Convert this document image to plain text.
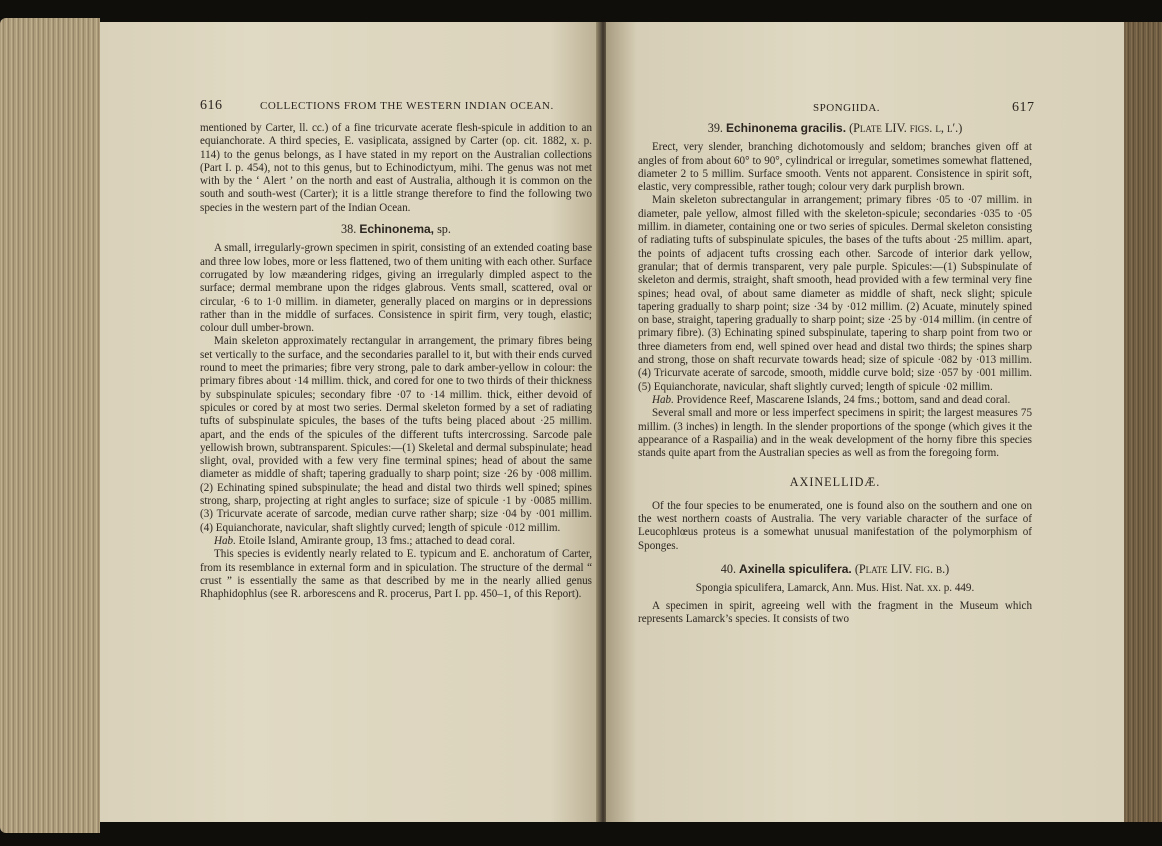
616	COLLECTIONS FROM THE WESTERN INDIAN OCEAN.

mentioned by Carter, ll. cc.) of a fine tricurvate acerate flesh-spicule in addition to an equianchorate. A third species, E. vasiplicata, assigned by Carter (op. cit. 1882, x. p. 114) to the genus belongs, as I have stated in my report on the Australian collections (Part I. p. 454), not to this genus, but to Echinodictyum, mihi. The genus was not met with by the ‘ Alert ’ on the north and east of Australia, although it is common on the south and south-west (Carter); it is a little strange therefore to find the following two species in the western part of the Indian Ocean.

38. Echinonema, sp.

A small, irregularly-grown specimen in spirit, consisting of an extended coating base and three low lobes, more or less flattened, two of them uniting with each other. Surface corrugated by low mæandering ridges, giving an irregularly dimpled aspect to the surface; dermal membrane upon the ridges glabrous. Vents small, scattered, oval or circular, ·6 to 1·0 millim. in diameter, generally placed on margins or in depressions rather than in the middle of surfaces. Consistence in spirit firm, very tough, elastic; colour dull umber-brown.

Main skeleton approximately rectangular in arrangement, the primary fibres being set vertically to the surface, and the secondaries parallel to it, but with their ends curved round to meet the primaries; fibre very strong, pale to dark amber-yellow in colour: the primary fibres about ·14 millim. thick, and cored for one to two thirds of their thickness by subspinulate spicules; secondary fibre ·07 to ·14 millim. thick, either devoid of spicules or cored by at most two series. Dermal skeleton formed by a set of radiating tufts of subspinulate spicules, the bases of the tufts being placed about ·25 millim. apart, and the ends of the spicules of the different tufts intercrossing. Sarcode pale yellowish brown, subtransparent. Spicules:—(1) Skeletal and dermal subspinulate; head slight, oval, provided with a few very fine terminal spines; head of about the same diameter as middle of shaft; tapering gradually to sharp point; size ·26 by ·008 millim. (2) Echinating spined subspinulate; the head and distal two thirds well spined; spines strong, sharp, projecting at right angles to surface; size of spicule ·1 by ·0085 millim. (3) Tricurvate acerate of sarcode, median curve rather sharp; size ·04 by ·001 millim. (4) Equianchorate, navicular, shaft slightly curved; length of spicule ·012 millim.

Hab. Etoile Island, Amirante group, 13 fms.; attached to dead coral.

This species is evidently nearly related to E. typicum and E. anchoratum of Carter, from its resemblance in external form and in spiculation. The structure of the dermal “ crust ” is essentially the same as that described by me in the nearly allied genus Rhaphidophlus (see R. arborescens and R. procerus, Part I. pp. 450–1, of this Report).

SPONGIIDA.	617
39. Echinonema gracilis. (Plate LIV. figs. l, l′.)

Erect, very slender, branching dichotomously and seldom; branches given off at angles of from about 60° to 90°, cylindrical or irregular, sometimes somewhat flattened, diameter 2 to 5 millim. Surface smooth. Vents not apparent. Consistence in spirit soft, elastic, very compressible, rather tough; colour very dark purplish brown.

Main skeleton subrectangular in arrangement; primary fibres ·05 to ·07 millim. in diameter, pale yellow, almost filled with the skeleton-spicule; secondaries ·035 to ·05 millim. in diameter, containing one or two series of spicules. Dermal skeleton consisting of radiating tufts of subspinulate spicules, the bases of the tufts about ·25 millim. apart, the points of adjacent tufts crossing each other. Sarcode of interior dark yellow, granular; that of dermis transparent, very pale purple. Spicules:—(1) Subspinulate of skeleton and dermis, straight, shaft smooth, head provided with a few terminal very fine spines; head oval, of about same diameter as middle of shaft, neck slight; spicule tapering gradually to sharp point; size ·34 by ·012 millim. (2) Acuate, minutely spined on base, straight, tapering gradually to sharp point; size ·25 by ·014 millim. (in centre of primary fibre). (3) Echinating spined subspinulate, tapering to sharp point from two or three diameters from end, well spined over head and distal two thirds; the spines sharp and strong, those on shaft recurvate towards head; size of spicule ·082 by ·013 millim. (4) Tricurvate acerate of sarcode, smooth, middle curve bold; size ·057 by ·001 millim. (5) Equianchorate, navicular, shaft slightly curved; length of spicule ·02 millim.

Hab. Providence Reef, Mascarene Islands, 24 fms.; bottom, sand and dead coral.

Several small and more or less imperfect specimens in spirit; the largest measures 75 millim. (3 inches) in length. In the slender proportions of the sponge (which gives it the appearance of a Raspailia) and in the weak development of the horny fibre this species stands quite apart from the Australian species as well as from the foregoing form.

AXINELLIDÆ.

Of the four species to be enumerated, one is found also on the southern and one on the west northern coasts of Australia. The very variable character of the surface of Leucophlœus proteus is a somewhat unusual manifestation of the polymorphism of Sponges.

40. Axinella spiculifera. (Plate LIV. fig. b.)

Spongia spiculifera, Lamarck, Ann. Mus. Hist. Nat. xx. p. 449.

A specimen in spirit, agreeing well with the fragment in the Museum which represents Lamarck’s species. It consists of two
